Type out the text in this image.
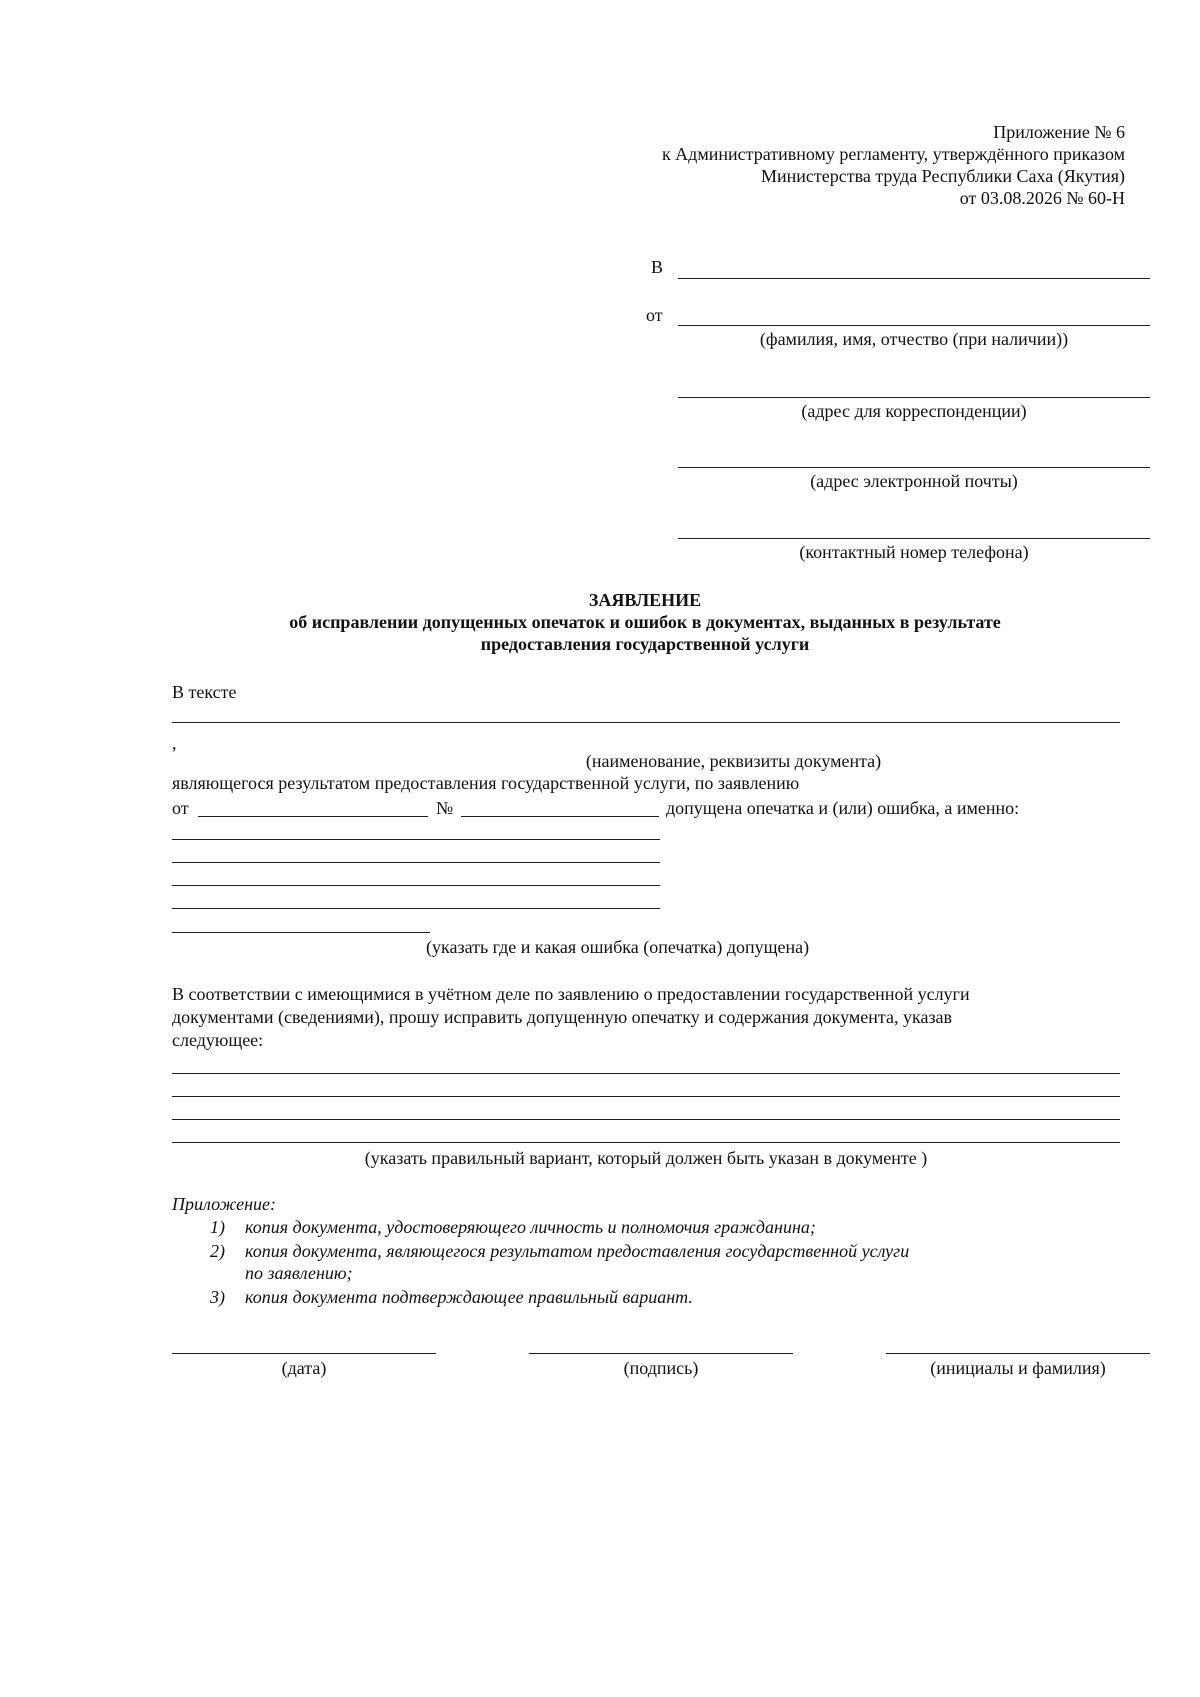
Приложение № 6
к Административному регламенту, утверждённого приказом
Министерства труда Республики Саха (Якутия)
от 03.08.2026 № 60-Н
В
от
(фамилия, имя, отчество (при наличии))
(адрес для корреспонденции)
(адрес электронной почты)
(контактный номер телефона)
ЗАЯВЛЕНИЕ
об исправлении допущенных опечаток и ошибок в документах, выданных в результате
предоставления государственной услуги
В тексте
,
(наименование, реквизиты документа)
являющегося результатом предоставления государственной услуги, по заявлению
от	№	допущена опечатка и (или) ошибка, а именно:
(указать где и какая ошибка (опечатка) допущена)
В соответствии с имеющимися в учётном деле по заявлению о предоставлении государственной услуги
документами (сведениями), прошу исправить допущенную опечатку и содержания документа, указав
следующее:
(указать правильный вариант, который должен быть указан в документе )
Приложение:
1) копия документа, удостоверяющего личность и полномочия гражданина;
2) копия документа, являющегося результатом предоставления государственной услуги
по заявлению;
3) копия документа подтверждающее правильный вариант.
(дата)	(подпись)	(инициалы и фамилия)
